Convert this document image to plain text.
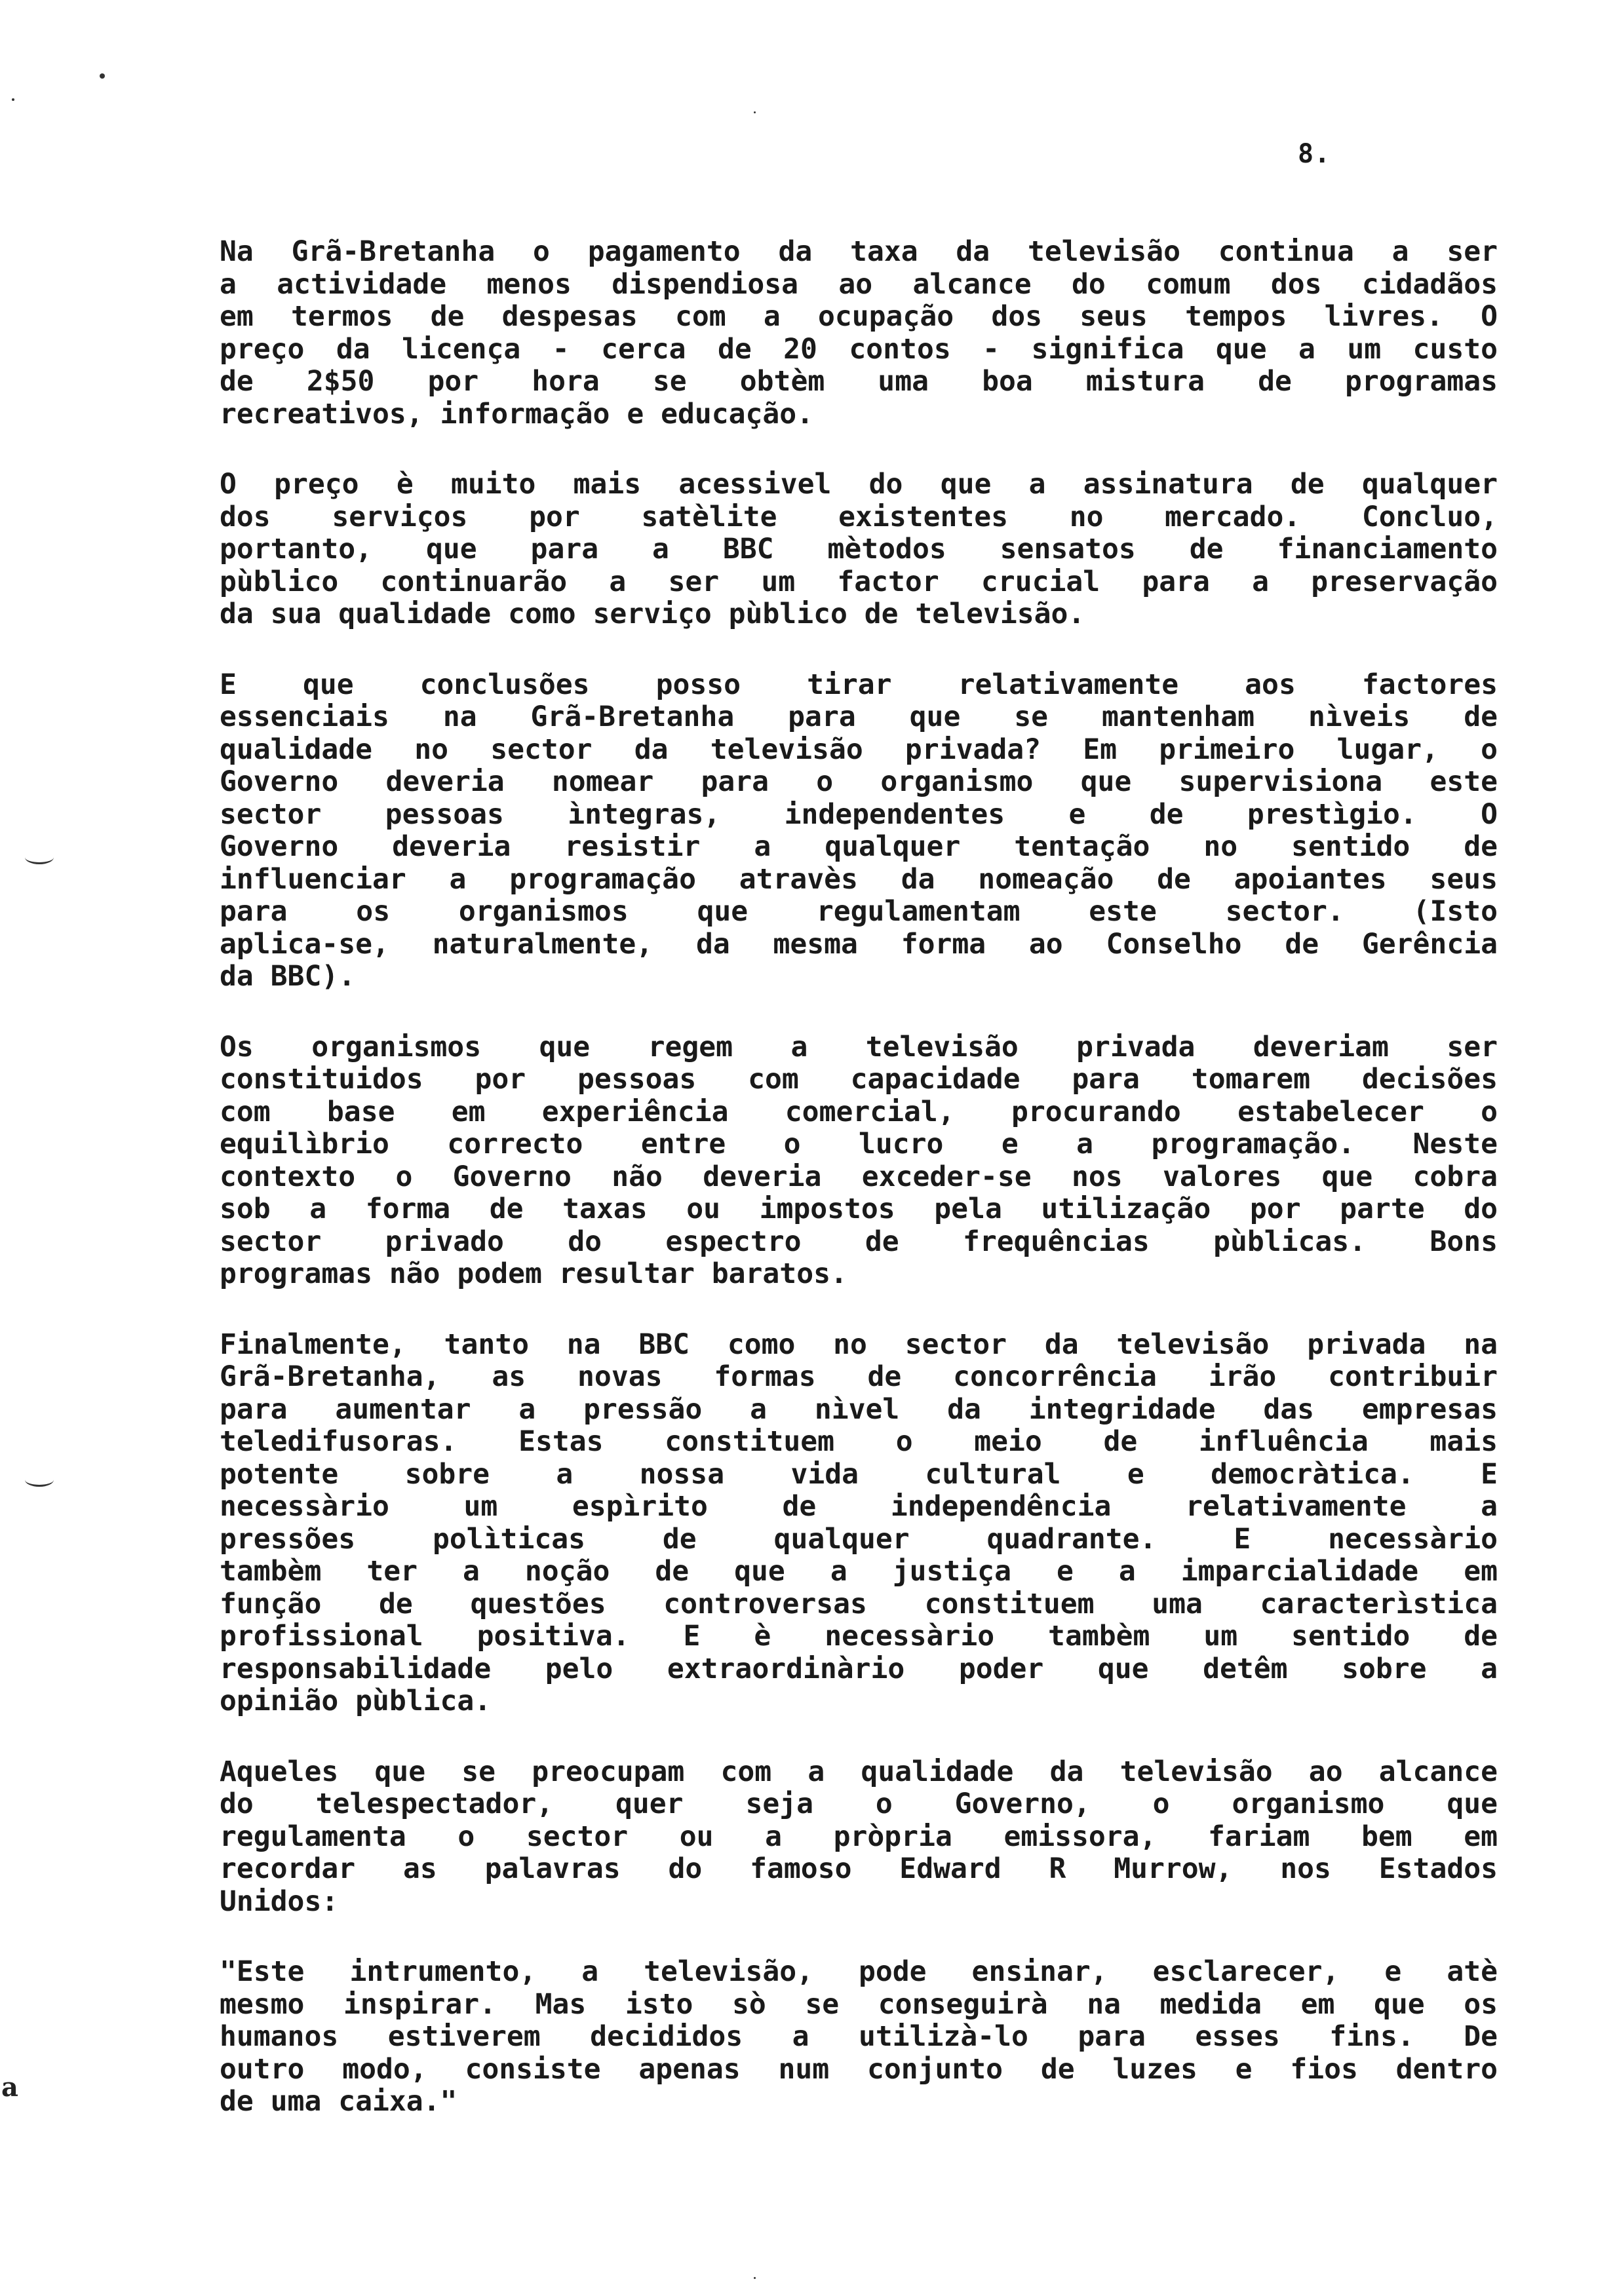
a
8.
Na Grã-Bretanha o pagamento da taxa da televisão continua a ser
a actividade menos dispendiosa ao alcance do comum dos cidadãos
em termos de despesas com a ocupação dos seus tempos livres. O
preço da licença - cerca de 20 contos - significa que a um custo
de 2$50 por hora se obtèm uma boa mistura de programas
recreativos, informação e educação.
O preço è muito mais acessivel do que a assinatura de qualquer
dos serviços por satèlite existentes no mercado. Concluo,
portanto, que para a BBC mètodos sensatos de financiamento
pùblico continuarão a ser um factor crucial para a preservação
da sua qualidade como serviço pùblico de televisão.
E que conclusões posso tirar relativamente aos factores
essenciais na Grã-Bretanha para que se mantenham nìveis de
qualidade no sector da televisão privada? Em primeiro lugar, o
Governo deveria nomear para o organismo que supervisiona este
sector pessoas ìntegras, independentes e de prestìgio. O
Governo deveria resistir a qualquer tentação no sentido de
influenciar a programação atravès da nomeação de apoiantes seus
para os organismos que regulamentam este sector. (Isto
aplica-se, naturalmente, da mesma forma ao Conselho de Gerência
da BBC).
Os organismos que regem a televisão privada deveriam ser
constituidos por pessoas com capacidade para tomarem decisões
com base em experiência comercial, procurando estabelecer o
equilìbrio correcto entre o lucro e a programação. Neste
contexto o Governo não deveria exceder-se nos valores que cobra
sob a forma de taxas ou impostos pela utilização por parte do
sector privado do espectro de frequências pùblicas. Bons
programas não podem resultar baratos.
Finalmente, tanto na BBC como no sector da televisão privada na
Grã-Bretanha, as novas formas de concorrência irão contribuir
para aumentar a pressão a nìvel da integridade das empresas
teledifusoras. Estas constituem o meio de influência mais
potente sobre a nossa vida cultural e democràtica. E
necessàrio um espìrito de independência relativamente a
pressões polìticas de qualquer quadrante. E necessàrio
tambèm ter a noção de que a justiça e a imparcialidade em
função de questões controversas constituem uma caracterìstica
profissional positiva. E è necessàrio tambèm um sentido de
responsabilidade pelo extraordinàrio poder que detêm sobre a
opinião pùblica.
Aqueles que se preocupam com a qualidade da televisão ao alcance
do telespectador, quer seja o Governo, o organismo que
regulamenta o sector ou a pròpria emissora, fariam bem em
recordar as palavras do famoso Edward R Murrow, nos Estados
Unidos:
"Este intrumento, a televisão, pode ensinar, esclarecer, e atè
mesmo inspirar. Mas isto sò se conseguirà na medida em que os
humanos estiverem decididos a utilizà-lo para esses fins. De
outro modo, consiste apenas num conjunto de luzes e fios dentro
de uma caixa."
